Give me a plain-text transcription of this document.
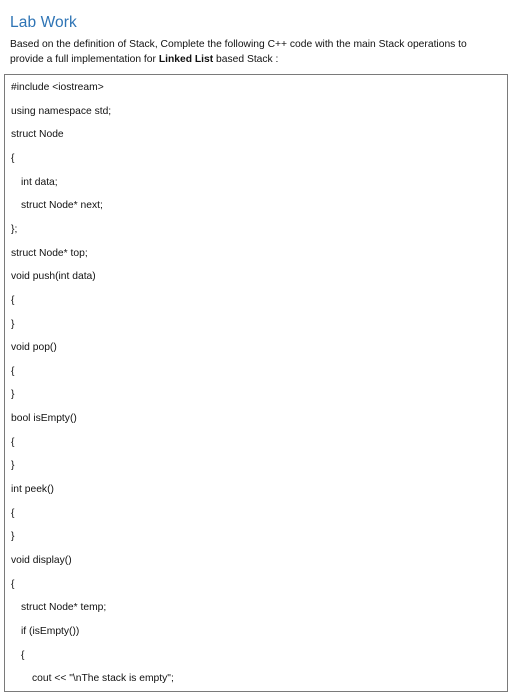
Lab Work
Based on the definition of Stack, Complete the following C++ code with the main Stack operations to
provide a full implementation for Linked List based Stack :
#include <iostream>
using namespace std;
struct Node
{
int data;
struct Node* next;
};
struct Node* top;
void push(int data)
{
}
void pop()
{
}
bool isEmpty()
{
}
int peek()
{
}
void display()
{
struct Node* temp;
if (isEmpty())
{
cout << "\nThe stack is empty";
